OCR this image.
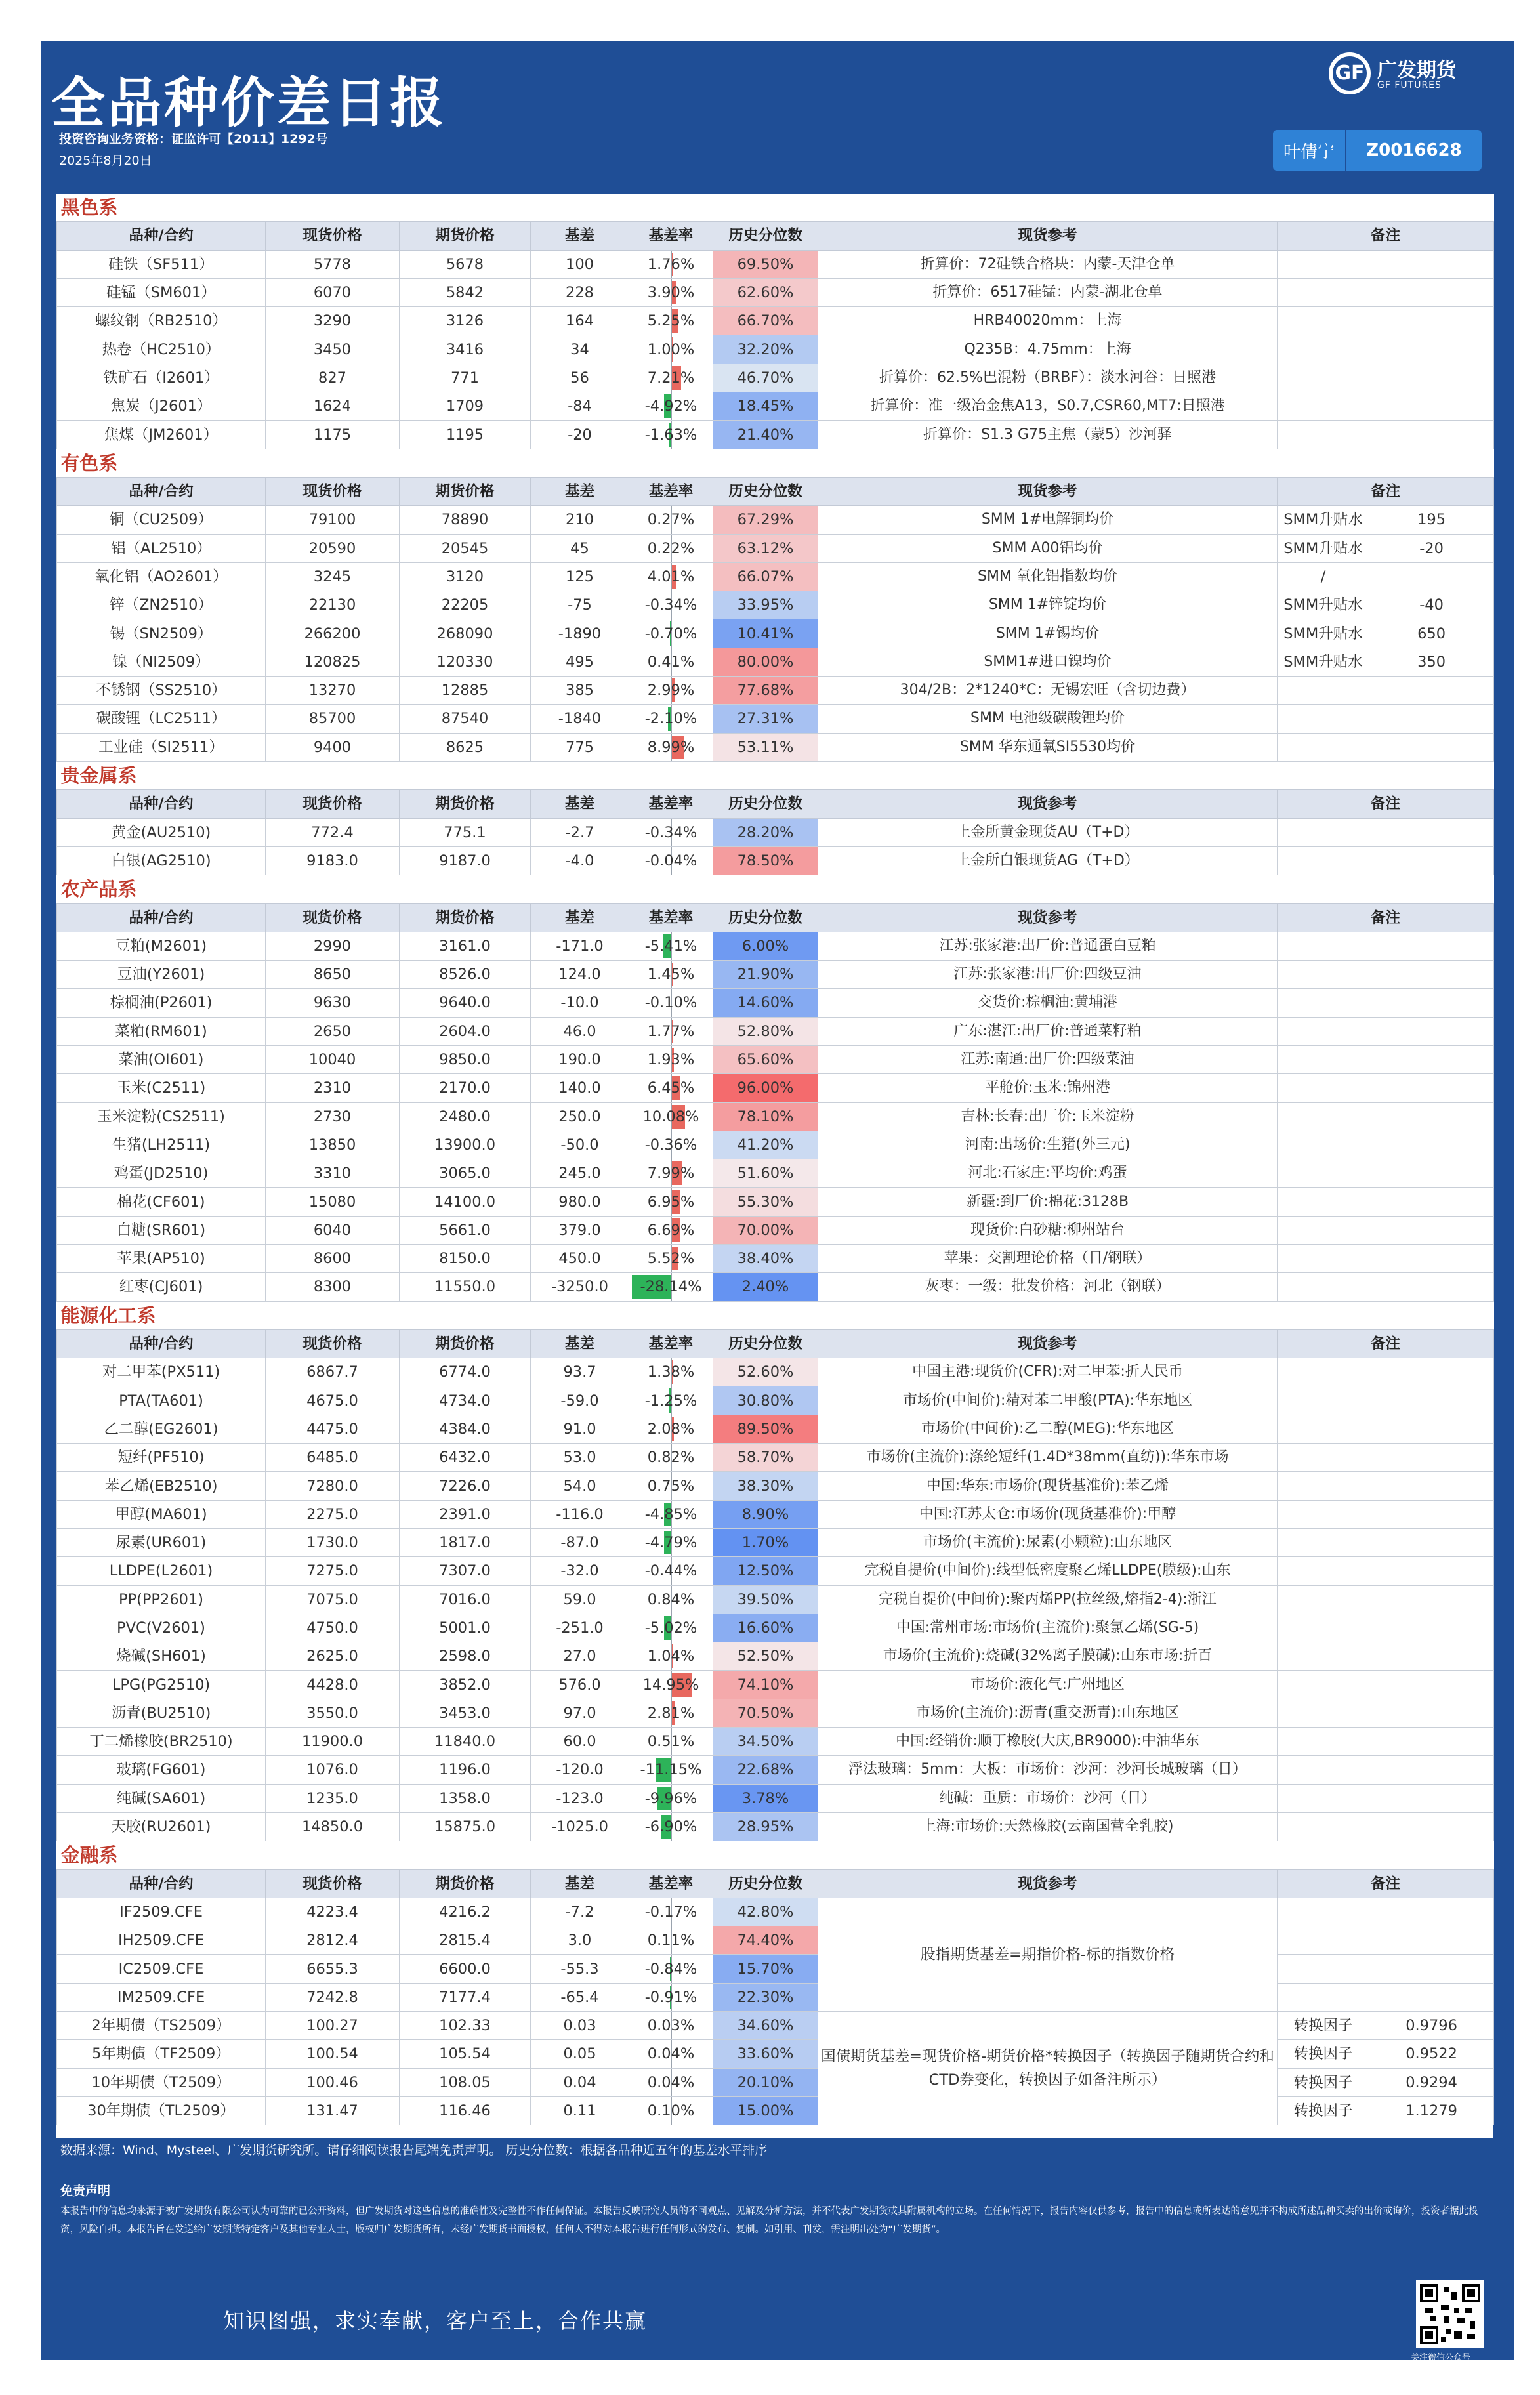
全品种价差日报
投资咨询业务资格：证监许可【2011】1292号
2025年8月20日
GF 广发期货
GF FUTURES
叶倩宁	Z0016628
黑色系								
品种/合约	现货价格	期货价格	基差	基差率	历史分位数	现货参考	备注	
硅铁（SF511）	5778	5678	100	1.76%	69.50%	折算价：72硅铁合格块：内蒙-天津仓单		
硅锰（SM601）	6070	5842	228	3.90%	62.60%	折算价：6517硅锰：内蒙-湖北仓单		
螺纹钢（RB2510）	3290	3126	164	5.25%	66.70%	HRB40020mm：上海		
热卷（HC2510）	3450	3416	34	1.00%	32.20%	Q235B：4.75mm：上海		
铁矿石（I2601）	827	771	56	7.21%	46.70%	折算价：62.5%巴混粉（BRBF）：淡水河谷：日照港		
焦炭（J2601）	1624	1709	-84	-4.92%	18.45%	折算价：准一级冶金焦A13，S0.7,CSR60,MT7:日照港		
焦煤（JM2601）	1175	1195	-20	-1.63%	21.40%	折算价：S1.3 G75主焦（蒙5）沙河驿		
有色系								
品种/合约	现货价格	期货价格	基差	基差率	历史分位数	现货参考	备注	
铜（CU2509）	79100	78890	210	0.27%	67.29%	SMM 1#电解铜均价	SMM升贴水	195
铝（AL2510）	20590	20545	45	0.22%	63.12%	SMM A00铝均价	SMM升贴水	-20
氧化铝（AO2601）	3245	3120	125	4.01%	66.07%	SMM 氧化铝指数均价	/	
锌（ZN2510）	22130	22205	-75	-0.34%	33.95%	SMM 1#锌锭均价	SMM升贴水	-40
锡（SN2509）	266200	268090	-1890	-0.70%	10.41%	SMM 1#锡均价	SMM升贴水	650
镍（NI2509）	120825	120330	495	0.41%	80.00%	SMM1#进口镍均价	SMM升贴水	350
不锈钢（SS2510）	13270	12885	385	2.99%	77.68%	304/2B：2*1240*C：无锡宏旺（含切边费）		
碳酸锂（LC2511）	85700	87540	-1840	-2.10%	27.31%	SMM 电池级碳酸锂均价		
工业硅（SI2511）	9400	8625	775	8.99%	53.11%	SMM 华东通氧SI5530均价		
贵金属系								
品种/合约	现货价格	期货价格	基差	基差率	历史分位数	现货参考	备注	
黄金(AU2510)	772.4	775.1	-2.7	-0.34%	28.20%	上金所黄金现货AU（T+D）		
白银(AG2510)	9183.0	9187.0	-4.0	-0.04%	78.50%	上金所白银现货AG（T+D）		
农产品系								
品种/合约	现货价格	期货价格	基差	基差率	历史分位数	现货参考	备注	
豆粕(M2601)	2990	3161.0	-171.0	-5.41%	6.00%	江苏:张家港:出厂价:普通蛋白豆粕		
豆油(Y2601)	8650	8526.0	124.0	1.45%	21.90%	江苏:张家港:出厂价:四级豆油		
棕榈油(P2601)	9630	9640.0	-10.0	-0.10%	14.60%	交货价:棕榈油:黄埔港		
菜粕(RM601)	2650	2604.0	46.0	1.77%	52.80%	广东:湛江:出厂价:普通菜籽粕		
菜油(OI601)	10040	9850.0	190.0	1.93%	65.60%	江苏:南通:出厂价:四级菜油		
玉米(C2511)	2310	2170.0	140.0	6.45%	96.00%	平舱价:玉米:锦州港		
玉米淀粉(CS2511)	2730	2480.0	250.0	10.08%	78.10%	吉林:长春:出厂价:玉米淀粉		
生猪(LH2511)	13850	13900.0	-50.0	-0.36%	41.20%	河南:出场价:生猪(外三元)		
鸡蛋(JD2510)	3310	3065.0	245.0	7.99%	51.60%	河北:石家庄:平均价:鸡蛋		
棉花(CF601)	15080	14100.0	980.0	6.95%	55.30%	新疆:到厂价:棉花:3128B		
白糖(SR601)	6040	5661.0	379.0	6.69%	70.00%	现货价:白砂糖:柳州站台		
苹果(AP510)	8600	8150.0	450.0	5.52%	38.40%	苹果：交割理论价格（日/钢联）		
红枣(CJ601)	8300	11550.0	-3250.0	-28.14%	2.40%	灰枣：一级：批发价格：河北（钢联）		
能源化工系								
品种/合约	现货价格	期货价格	基差	基差率	历史分位数	现货参考	备注	
对二甲苯(PX511)	6867.7	6774.0	93.7	1.38%	52.60%	中国主港:现货价(CFR):对二甲苯:折人民币		
PTA(TA601)	4675.0	4734.0	-59.0	-1.25%	30.80%	市场价(中间价):精对苯二甲酸(PTA):华东地区		
乙二醇(EG2601)	4475.0	4384.0	91.0	2.08%	89.50%	市场价(中间价):乙二醇(MEG):华东地区		
短纤(PF510)	6485.0	6432.0	53.0	0.82%	58.70%	市场价(主流价):涤纶短纤(1.4D*38mm(直纺)):华东市场		
苯乙烯(EB2510)	7280.0	7226.0	54.0	0.75%	38.30%	中国:华东:市场价(现货基准价):苯乙烯		
甲醇(MA601)	2275.0	2391.0	-116.0	-4.85%	8.90%	中国:江苏太仓:市场价(现货基准价):甲醇		
尿素(UR601)	1730.0	1817.0	-87.0	-4.79%	1.70%	市场价(主流价):尿素(小颗粒):山东地区		
LLDPE(L2601)	7275.0	7307.0	-32.0	-0.44%	12.50%	完税自提价(中间价):线型低密度聚乙烯LLDPE(膜级):山东		
PP(PP2601)	7075.0	7016.0	59.0	0.84%	39.50%	完税自提价(中间价):聚丙烯PP(拉丝级,熔指2-4):浙江		
PVC(V2601)	4750.0	5001.0	-251.0	-5.02%	16.60%	中国:常州市场:市场价(主流价):聚氯乙烯(SG-5)		
烧碱(SH601)	2625.0	2598.0	27.0	1.04%	52.50%	市场价(主流价):烧碱(32%离子膜碱):山东市场:折百		
LPG(PG2510)	4428.0	3852.0	576.0	14.95%	74.10%	市场价:液化气:广州地区		
沥青(BU2510)	3550.0	3453.0	97.0	2.81%	70.50%	市场价(主流价):沥青(重交沥青):山东地区		
丁二烯橡胶(BR2510)	11900.0	11840.0	60.0	0.51%	34.50%	中国:经销价:顺丁橡胶(大庆,BR9000):中油华东		
玻璃(FG601)	1076.0	1196.0	-120.0	-11.15%	22.68%	浮法玻璃：5mm：大板：市场价：沙河：沙河长城玻璃（日）		
纯碱(SA601)	1235.0	1358.0	-123.0	-9.96%	3.78%	纯碱：重质：市场价：沙河（日）		
天胶(RU2601)	14850.0	15875.0	-1025.0	-6.90%	28.95%	上海:市场价:天然橡胶(云南国营全乳胶)		
金融系								
品种/合约	现货价格	期货价格	基差	基差率	历史分位数	现货参考	备注	
IF2509.CFE	4223.4	4216.2	-7.2	-0.17%	42.80%	股指期货基差=期指价格-标的指数价格		
IH2509.CFE	2812.4	2815.4	3.0	0.11%	74.40%			
IC2509.CFE	6655.3	6600.0	-55.3	-0.84%	15.70%			
IM2509.CFE	7242.8	7177.4	-65.4	-0.91%	22.30%			
2年期债（TS2509）	100.27	102.33	0.03	0.03%	34.60%	国债期货基差=现货价格-期货价格*转换因子（转换因子随期货合约和CTD券变化，转换因子如备注所示）	转换因子	0.9796
5年期债（TF2509）	100.54	105.54	0.05	0.04%	33.60%		转换因子	0.9522
10年期债（T2509）	100.46	108.05	0.04	0.04%	20.10%		转换因子	0.9294
30年期债（TL2509）	131.47	116.46	0.11	0.10%	15.00%		转换因子	1.1279
数据来源：Wind、Mysteel、广发期货研究所。请仔细阅读报告尾端免责声明。 历史分位数：根据各品种近五年的基差水平排序
免责声明
本报告中的信息均来源于被广发期货有限公司认为可靠的已公开资料，但广发期货对这些信息的准确性及完整性不作任何保证。本报告反映研究人员的不同观点、见解及分析方法，并不代表广发期货或其附属机构的立场。在任何情况下，报告内容仅供参考，报告中的信息或所表达的意见并不构成所述品种买卖的出价或询价，投资者据此投资，风险自担。本报告旨在发送给广发期货特定客户及其他专业人士，版权归广发期货所有，未经广发期货书面授权，任何人不得对本报告进行任何形式的发布、复制。如引用、刊发，需注明出处为“广发期货”。
知识图强，求实奉献，客户至上，合作共赢
关注微信公众号
